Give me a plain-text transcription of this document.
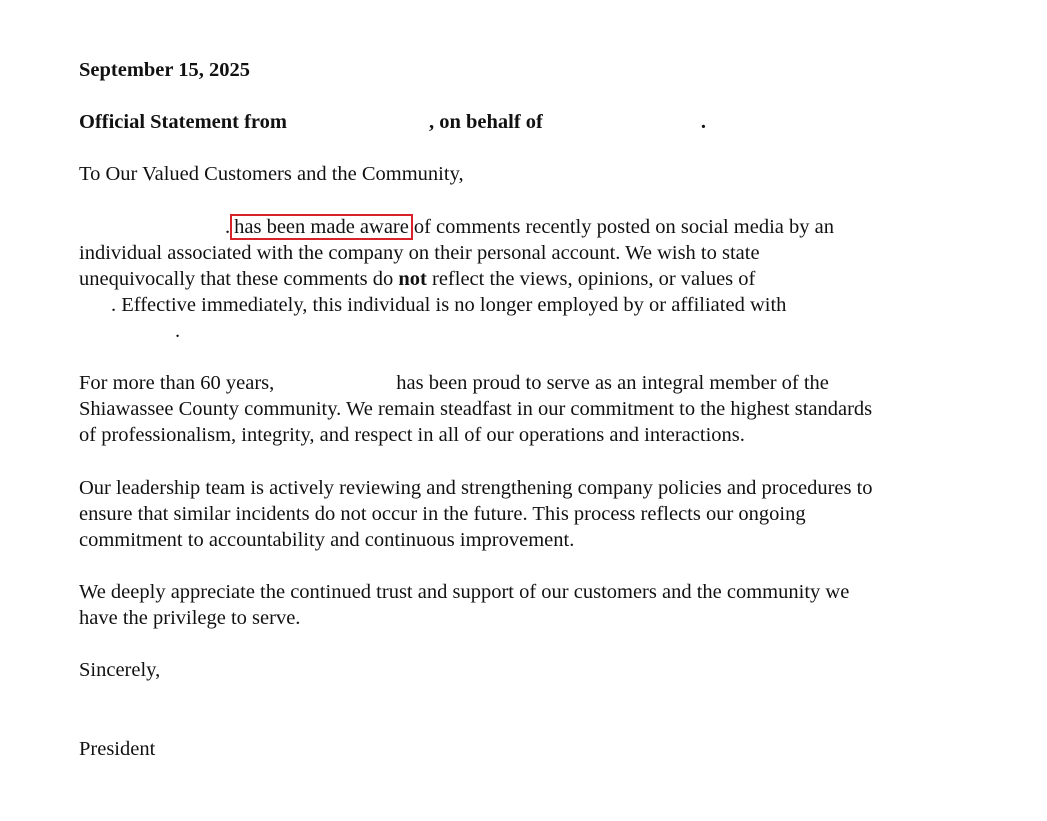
September 15, 2025
Official Statement from	, on behalf of	.
To Our Valued Customers and the Community,
. has been made aware of comments recently posted on social media by an
individual associated with the company on their personal account. We wish to state
unequivocally that these comments do not reflect the views, opinions, or values of
. Effective immediately, this individual is no longer employed by or affiliated with
.
For more than 60 years,	has been proud to serve as an integral member of the
Shiawassee County community. We remain steadfast in our commitment to the highest standards
of professionalism, integrity, and respect in all of our operations and interactions.
Our leadership team is actively reviewing and strengthening company policies and procedures to
ensure that similar incidents do not occur in the future. This process reflects our ongoing
commitment to accountability and continuous improvement.
We deeply appreciate the continued trust and support of our customers and the community we
have the privilege to serve.
Sincerely,
President
